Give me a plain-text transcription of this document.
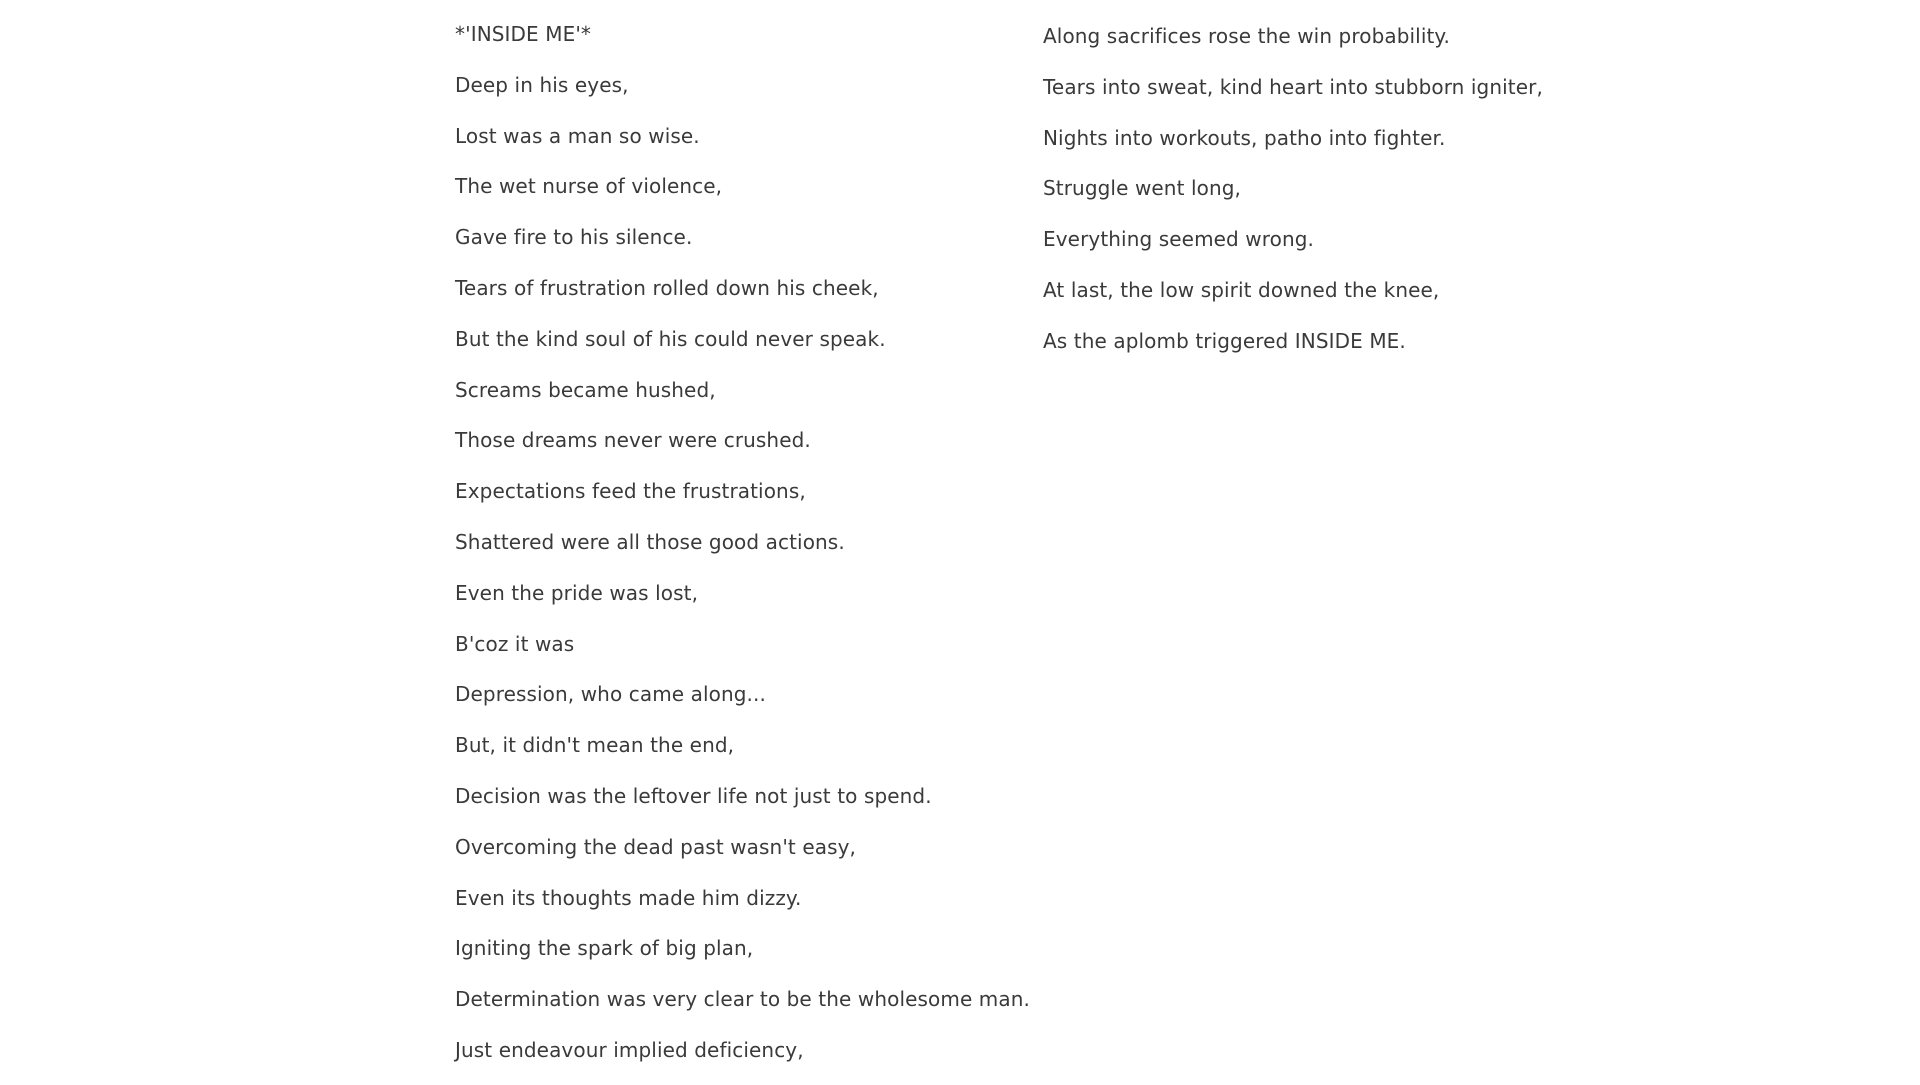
*'INSIDE ME'*
Deep in his eyes,
Lost was a man so wise.
The wet nurse of violence,
Gave fire to his silence.
Tears of frustration rolled down his cheek,
But the kind soul of his could never speak.
Screams became hushed,
Those dreams never were crushed.
Expectations feed the frustrations,
Shattered were all those good actions.
Even the pride was lost,
B'coz it was
Depression, who came along...
But, it didn't mean the end,
Decision was the leftover life not just to spend.
Overcoming the dead past wasn't easy,
Even its thoughts made him dizzy.
Igniting the spark of big plan,
Determination was very clear to be the wholesome man.
Just endeavour implied deficiency,
Along sacrifices rose the win probability.
Tears into sweat, kind heart into stubborn igniter,
Nights into workouts, patho into fighter.
Struggle went long,
Everything seemed wrong.
At last, the low spirit downed the knee,
As the aplomb triggered INSIDE ME.
